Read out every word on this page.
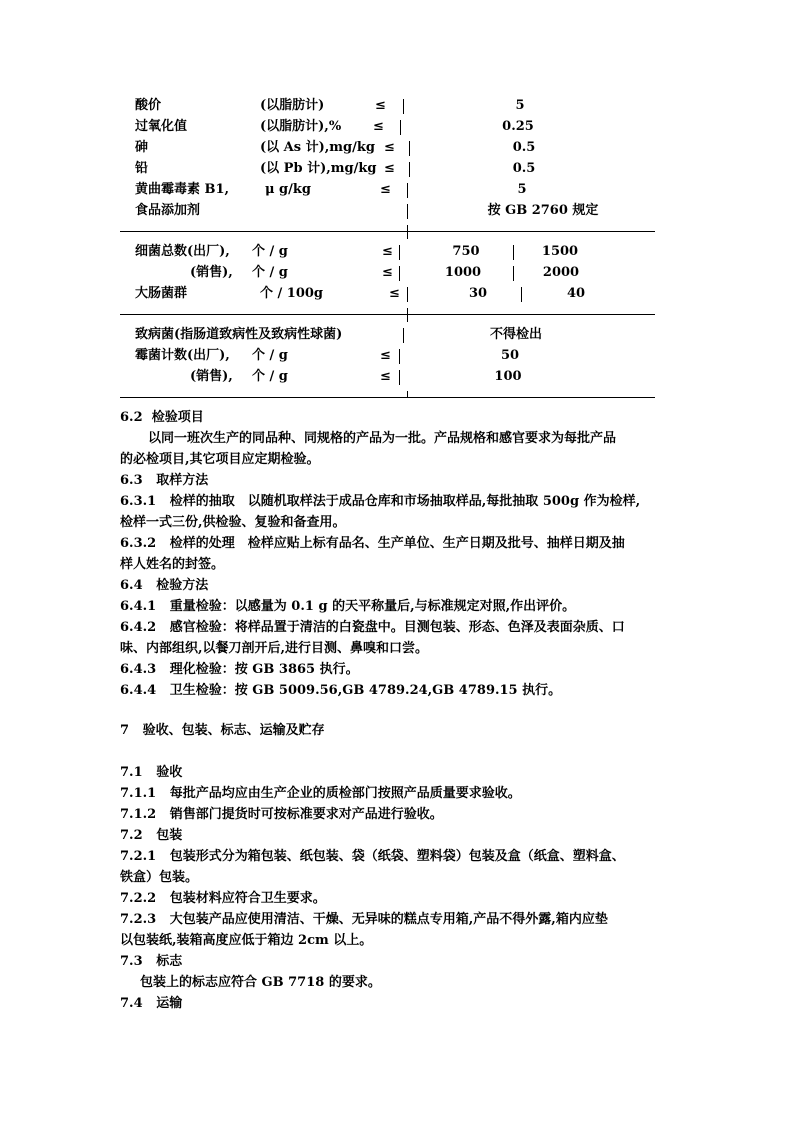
酸价	(以脂肪计)	≤	5
过氧化值	(以脂肪计),% ≤	0.25
砷	(以 As 计),mg/kg ≤	0.5
铅	(以 Pb 计),mg/kg ≤	0.5
黄曲霉毒素 B1,	μ g/kg	≤	5
食品添加剂	按 GB 2760 规定
细菌总数(出厂), 个 / g	≤	750	1500
(销售), 个 / g	≤	1000	2000
大肠菌群	个 / 100g	≤	30	40
致病菌(指肠道致病性及致病性球菌)	不得检出
霉菌计数(出厂), 个 / g	≤	50
(销售), 个 / g	≤	100
6.2 检验项目
以同一班次生产的同品种、同规格的产品为一批。产品规格和感官要求为每批产品
的必检项目,其它项目应定期检验。
6.3 取样方法
6.3.1 检样的抽取　以随机取样法于成品仓库和市场抽取样品,每批抽取 500g 作为检样,
检样一式三份,供检验、复验和备查用。
6.3.2 检样的处理　检样应贴上标有品名、生产单位、生产日期及批号、抽样日期及抽
样人姓名的封签。
6.4 检验方法
6.4.1 重量检验：以感量为 0.1 g 的天平称量后,与标准规定对照,作出评价。
6.4.2 感官检验：将样品置于清洁的白瓷盘中。目测包装、形态、色泽及表面杂质、口
味、内部组织,以餐刀剖开后,进行目测、鼻嗅和口尝。
6.4.3 理化检验：按 GB 3865 执行。
6.4.4 卫生检验：按 GB 5009.56,GB 4789.24,GB 4789.15 执行。
7 验收、包装、标志、运输及贮存
7.1 验收
7.1.1 每批产品均应由生产企业的质检部门按照产品质量要求验收。
7.1.2 销售部门提货时可按标准要求对产品进行验收。
7.2 包装
7.2.1 包装形式分为箱包装、纸包装、袋（纸袋、塑料袋）包装及盒（纸盒、塑料盒、
铁盒）包装。
7.2.2 包装材料应符合卫生要求。
7.2.3 大包装产品应使用清洁、干燥、无异味的糕点专用箱,产品不得外露,箱内应垫
以包装纸,装箱高度应低于箱边 2cm 以上。
7.3 标志
包装上的标志应符合 GB 7718 的要求。
7.4 运输
